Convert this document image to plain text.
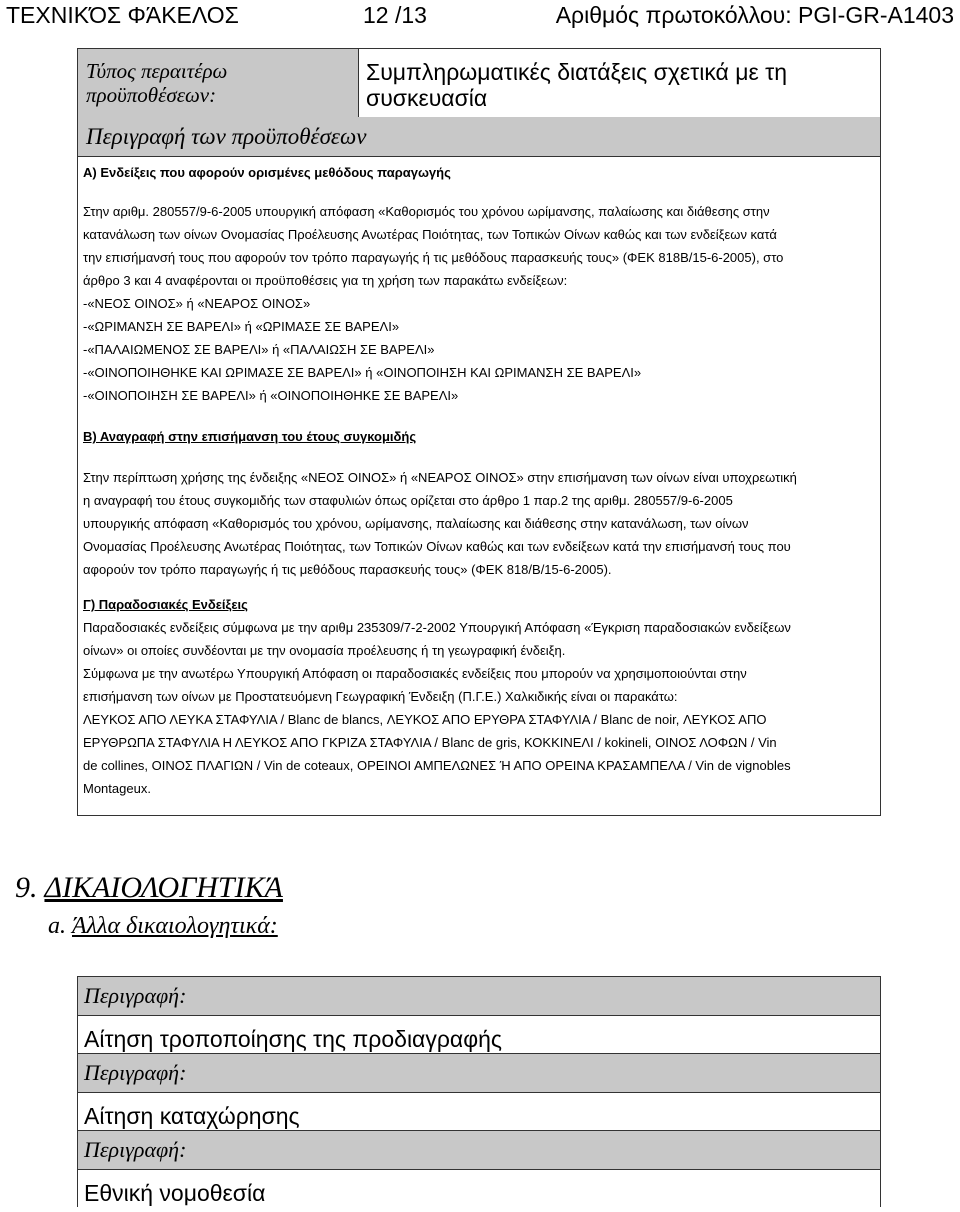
ΤΕΧΝΙΚΌΣ ΦΆΚΕΛΟΣ	12 /13	Αριθμός πρωτοκόλλου: PGI-GR-A1403
Τύπος περαιτέρω
προϋποθέσεων:
Συμπληρωματικές διατάξεις σχετικά με τη
συσκευασία
Περιγραφή των προϋποθέσεων

Α) Ενδείξεις που αφορούν ορισμένες μεθόδους παραγωγής

Στην αριθμ. 280557/9-6-2005 υπουργική απόφαση «Καθορισμός του χρόνου ωρίμανσης, παλαίωσης και διάθεσης στην

κατανάλωση των οίνων Ονομασίας Προέλευσης Ανωτέρας Ποιότητας, των Τοπικών Οίνων καθώς και των ενδείξεων κατά

την επισήμανσή τους που αφορούν τον τρόπο παραγωγής ή τις μεθόδους παρασκευής τους» (ΦΕΚ 818Β/15-6-2005), στο

άρθρο 3 και 4 αναφέρονται οι προϋποθέσεις για τη χρήση των παρακάτω ενδείξεων:

-«ΝΕΟΣ ΟΙΝΟΣ» ή «ΝΕΑΡΟΣ ΟΙΝΟΣ»

-«ΩΡΙΜΑΝΣΗ ΣΕ ΒΑΡΕΛΙ» ή «ΩΡΙΜΑΣΕ ΣΕ ΒΑΡΕΛΙ»

-«ΠΑΛΑΙΩΜΕΝΟΣ ΣΕ ΒΑΡΕΛΙ» ή «ΠΑΛΑΙΩΣΗ ΣΕ ΒΑΡΕΛΙ»

-«ΟΙΝΟΠΟΙΗΘΗΚΕ ΚΑΙ ΩΡΙΜΑΣΕ ΣΕ ΒΑΡΕΛΙ» ή «ΟΙΝΟΠΟΙΗΣΗ ΚΑΙ ΩΡΙΜΑΝΣΗ ΣΕ ΒΑΡΕΛΙ»

-«ΟΙΝΟΠΟΙΗΣΗ ΣΕ ΒΑΡΕΛΙ» ή «ΟΙΝΟΠΟΙΗΘΗΚΕ ΣΕ ΒΑΡΕΛΙ»

Β) Αναγραφή στην επισήμανση του έτους συγκομιδής

Στην περίπτωση χρήσης της ένδειξης «ΝΕΟΣ ΟΙΝΟΣ» ή «ΝΕΑΡΟΣ ΟΙΝΟΣ» στην επισήμανση των οίνων είναι υποχρεωτική

η αναγραφή του έτους συγκομιδής των σταφυλιών όπως ορίζεται στο άρθρο 1 παρ.2 της αριθμ. 280557/9-6-2005

υπουργικής απόφαση «Καθορισμός του χρόνου, ωρίμανσης, παλαίωσης και διάθεσης στην κατανάλωση, των οίνων

Ονομασίας Προέλευσης Ανωτέρας Ποιότητας, των Τοπικών Οίνων καθώς και των ενδείξεων κατά την επισήμανσή τους που

αφορούν τον τρόπο παραγωγής ή τις μεθόδους παρασκευής τους» (ΦΕΚ 818/Β/15-6-2005).

Γ) Παραδοσιακές Ενδείξεις

Παραδοσιακές ενδείξεις σύμφωνα με την αριθμ 235309/7-2-2002 Υπουργική Απόφαση «Έγκριση παραδοσιακών ενδείξεων

οίνων» οι οποίες συνδέονται με την ονομασία προέλευσης ή τη γεωγραφική ένδειξη.

Σύμφωνα με την ανωτέρω Υπουργική Απόφαση οι παραδοσιακές ενδείξεις που μπορούν να χρησιμοποιούνται στην

επισήμανση των οίνων με Προστατευόμενη Γεωγραφική Ένδειξη (Π.Γ.Ε.) Χαλκιδικής είναι οι παρακάτω:

ΛΕΥΚΟΣ ΑΠΟ ΛΕΥΚΑ ΣΤΑΦΥΛΙΑ / Blanc de blancs, ΛΕΥΚΟΣ ΑΠΟ ΕΡΥΘΡΑ ΣΤΑΦΥΛΙΑ / Blanc de noir, ΛΕΥΚΟΣ ΑΠΟ

ΕΡΥΘΡΩΠΑ ΣΤΑΦΥΛΙΑ Η ΛΕΥΚΟΣ ΑΠΟ ΓΚΡΙΖΑ ΣΤΑΦΥΛΙΑ / Blanc de gris, ΚΟΚΚΙΝΕΛΙ / kokineli, ΟΙΝΟΣ ΛΟΦΩΝ / Vin

de collines, ΟΙΝΟΣ ΠΛΑΓΙΩΝ / Vin de coteaux, ΟΡΕΙΝΟΙ ΑΜΠΕΛΩΝΕΣ Ή ΑΠΟ ΟΡΕΙΝΑ ΚΡΑΣΑΜΠΕΛΑ / Vin de vignobles

Montageux.

9. ΔΙΚΑΙΟΛΟΓΗΤΙΚΆ
a. Άλλα δικαιολογητικά:
Περιγραφή:
Αίτηση τροποποίησης της προδιαγραφής
Περιγραφή:
Αίτηση καταχώρησης
Περιγραφή:
Εθνική νομοθεσία
